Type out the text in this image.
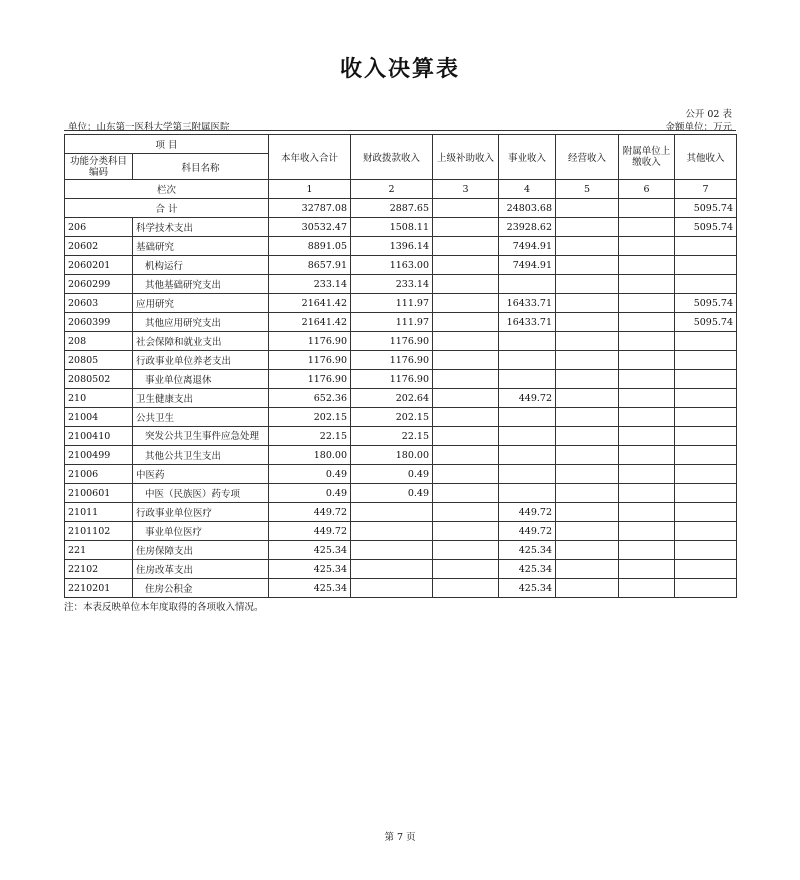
收入决算表
公开 02 表
金额单位：万元
单位：山东第一医科大学第三附属医院
项 目		本年收入合计	财政拨款收入	上级补助收入	事业收入	经营收入	附属单位上缴收入	其他收入
功能分类科目编码	科目名称							
栏次		1	2	3	4	5	6	7
合 计		32787.08	2887.65		24803.68			5095.74
206	科学技术支出	30532.47	1508.11		23928.62			5095.74
20602	基础研究	8891.05	1396.14		7494.91			
2060201	机构运行	8657.91	1163.00		7494.91			
2060299	其他基础研究支出	233.14	233.14					
20603	应用研究	21641.42	111.97		16433.71			5095.74
2060399	其他应用研究支出	21641.42	111.97		16433.71			5095.74
208	社会保障和就业支出	1176.90	1176.90					
20805	行政事业单位养老支出	1176.90	1176.90					
2080502	事业单位离退休	1176.90	1176.90					
210	卫生健康支出	652.36	202.64		449.72			
21004	公共卫生	202.15	202.15					
2100410	突发公共卫生事件应急处理	22.15	22.15					
2100499	其他公共卫生支出	180.00	180.00					
21006	中医药	0.49	0.49					
2100601	中医（民族医）药专项	0.49	0.49					
21011	行政事业单位医疗	449.72			449.72			
2101102	事业单位医疗	449.72			449.72			
221	住房保障支出	425.34			425.34			
22102	住房改革支出	425.34			425.34			
2210201	住房公积金	425.34			425.34			
注：本表反映单位本年度取得的各项收入情况。
第 7 页
